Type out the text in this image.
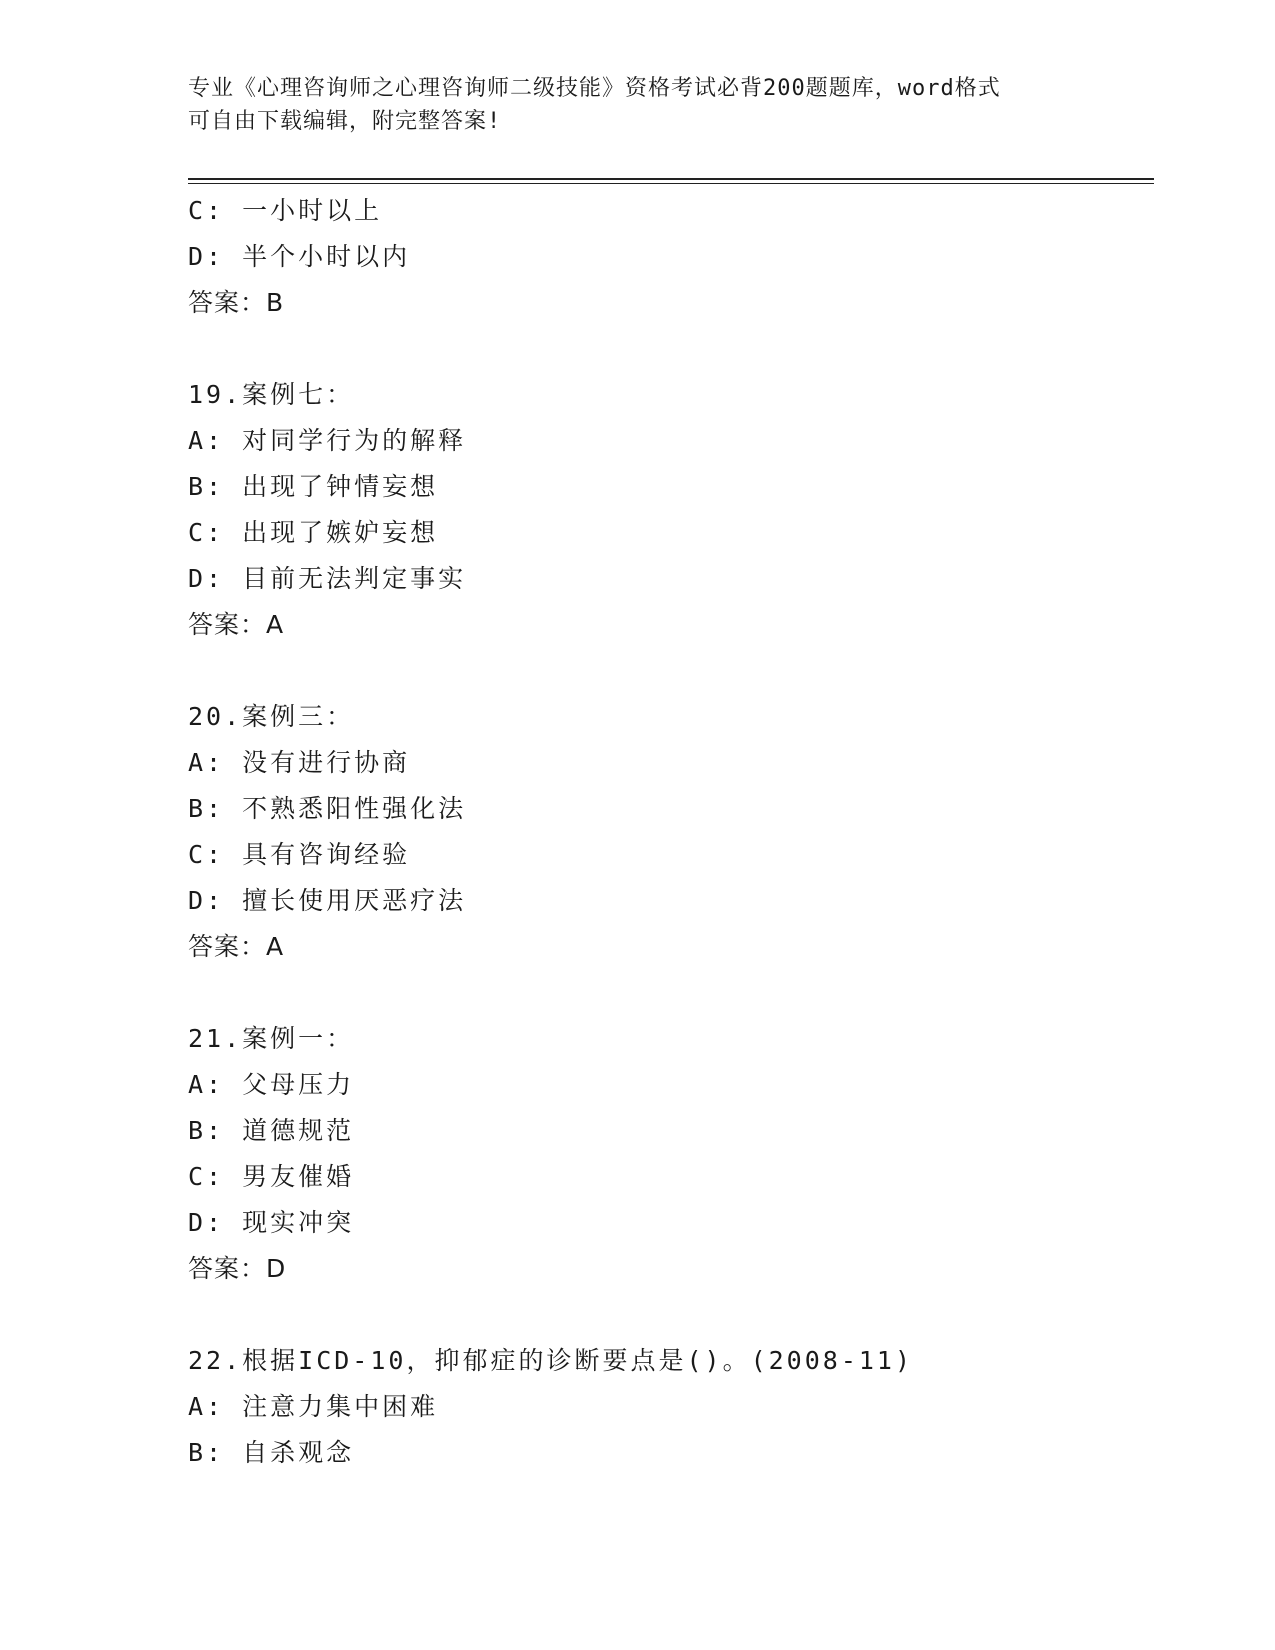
专业《心理咨询师之心理咨询师二级技能》资格考试必背200题题库，word格式
可自由下载编辑，附完整答案!
C: 一小时以上
D: 半个小时以内
答案：B
19.案例七：
A: 对同学行为的解释
B: 出现了钟情妄想
C: 出现了嫉妒妄想
D: 目前无法判定事实
答案：A
20.案例三：
A: 没有进行协商
B: 不熟悉阳性强化法
C: 具有咨询经验
D: 擅长使用厌恶疗法
答案：A
21.案例一：
A: 父母压力
B: 道德规范
C: 男友催婚
D: 现实冲突
答案：D
22.根据ICD-10，抑郁症的诊断要点是()。(2008-11)
A: 注意力集中困难
B: 自杀观念
